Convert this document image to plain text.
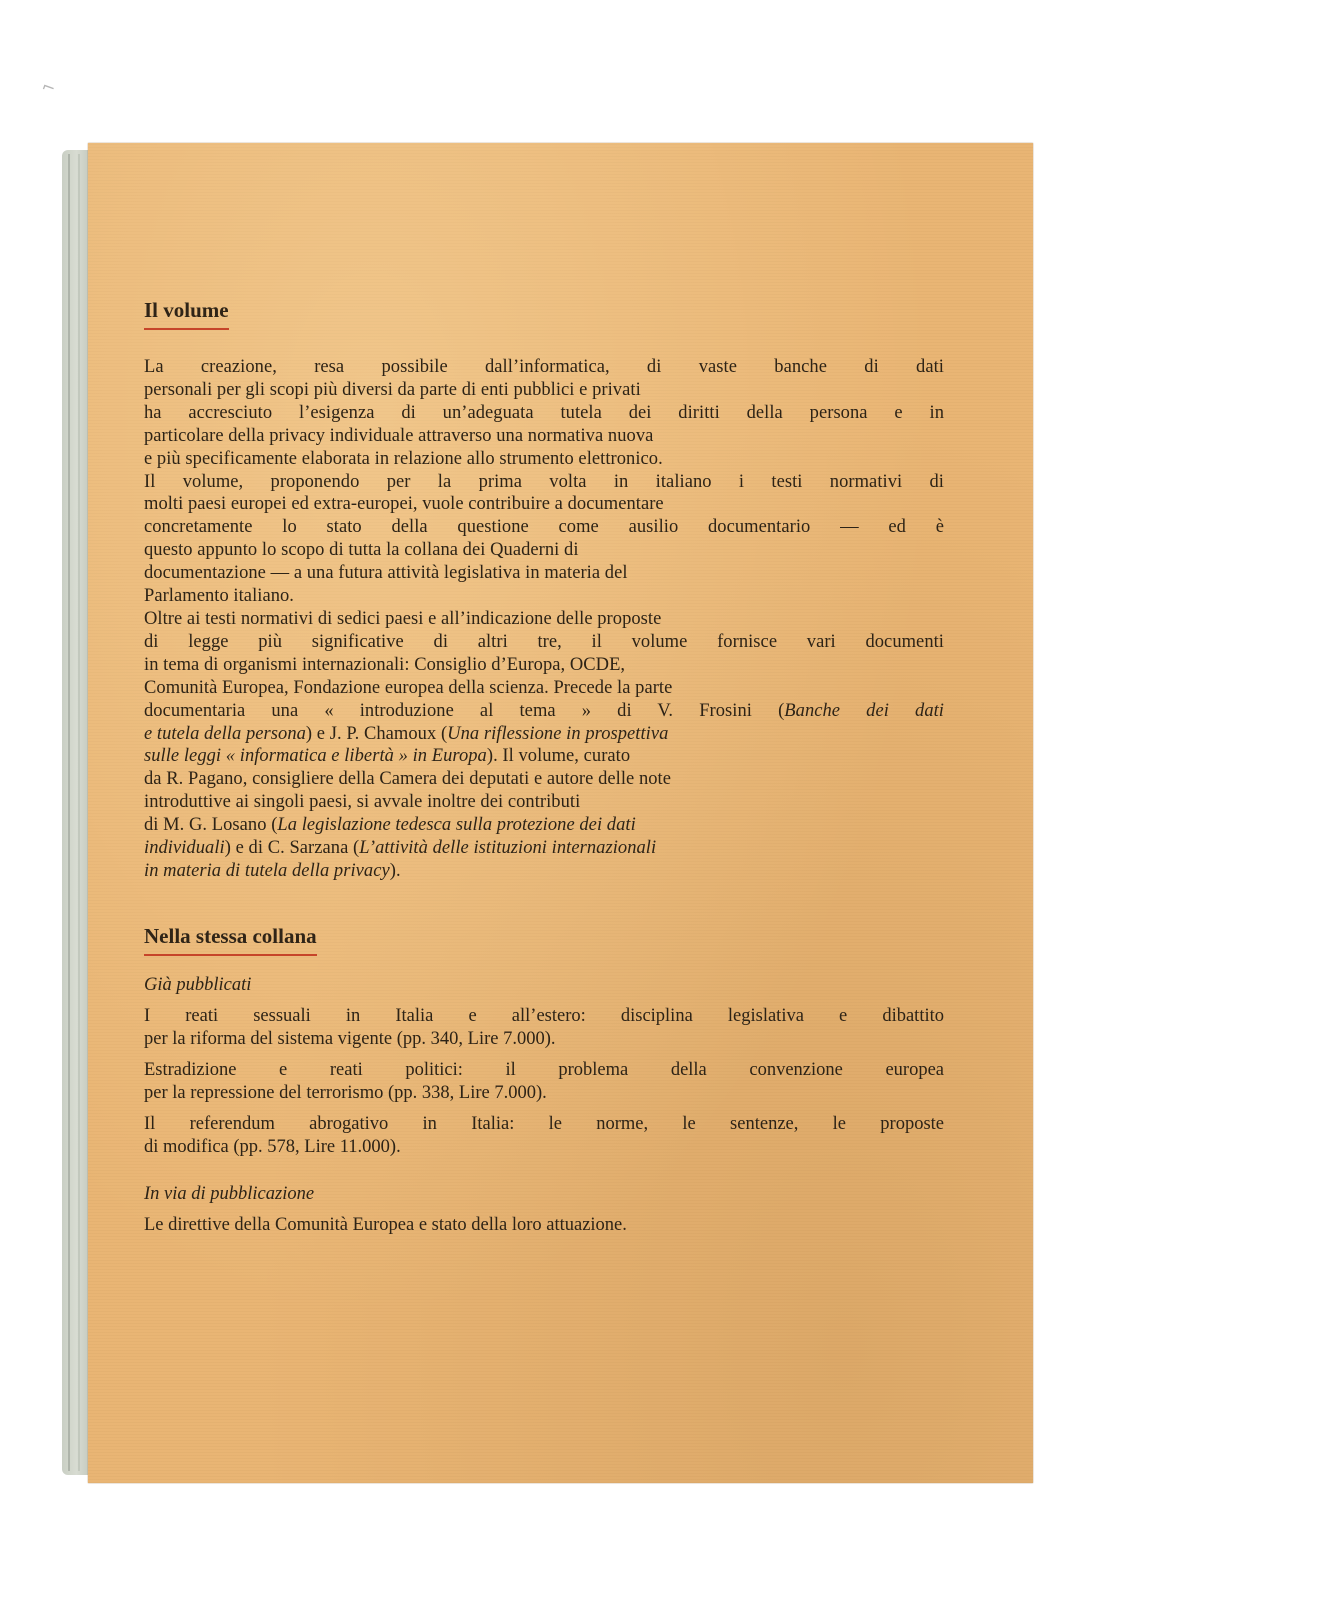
⌐
Il volume
La creazione, resa possibile dall’informatica, di vaste banche di dati
personali per gli scopi più diversi da parte di enti pubblici e privati
ha accresciuto l’esigenza di un’adeguata tutela dei diritti della persona e in
particolare della privacy individuale attraverso una normativa nuova
e più specificamente elaborata in relazione allo strumento elettronico.
Il volume, proponendo per la prima volta in italiano i testi normativi di
molti paesi europei ed extra-europei, vuole contribuire a documentare
concretamente lo stato della questione come ausilio documentario — ed è
questo appunto lo scopo di tutta la collana dei Quaderni di
documentazione — a una futura attività legislativa in materia del
Parlamento italiano.
Oltre ai testi normativi di sedici paesi e all’indicazione delle proposte
di legge più significative di altri tre, il volume fornisce vari documenti
in tema di organismi internazionali: Consiglio d’Europa, OCDE,
Comunità Europea, Fondazione europea della scienza. Precede la parte
documentaria una « introduzione al tema » di V. Frosini (Banche dei dati
e tutela della persona) e J. P. Chamoux (Una riflessione in prospettiva
sulle leggi « informatica e libertà » in Europa). Il volume, curato
da R. Pagano, consigliere della Camera dei deputati e autore delle note
introduttive ai singoli paesi, si avvale inoltre dei contributi
di M. G. Losano (La legislazione tedesca sulla protezione dei dati
individuali) e di C. Sarzana (L’attività delle istituzioni internazionali
in materia di tutela della privacy).
Nella stessa collana

Già pubblicati

I reati sessuali in Italia e all’estero: disciplina legislativa e dibattito
per la riforma del sistema vigente (pp. 340, Lire 7.000).

Estradizione e reati politici: il problema della convenzione europea
per la repressione del terrorismo (pp. 338, Lire 7.000).

Il referendum abrogativo in Italia: le norme, le sentenze, le proposte
di modifica (pp. 578, Lire 11.000).

In via di pubblicazione

Le direttive della Comunità Europea e stato della loro attuazione.
